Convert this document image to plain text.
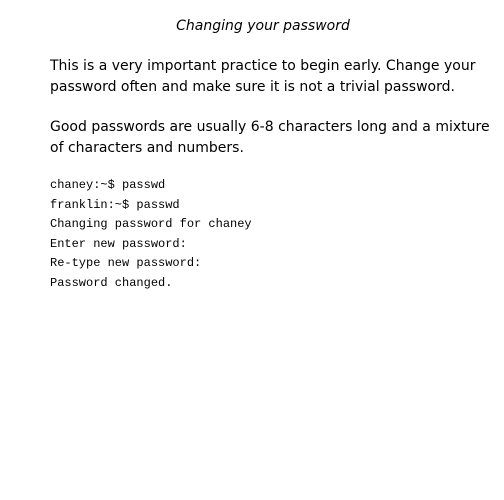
Changing your password

This is a very important practice to begin early. Change your
password often and make sure it is not a trivial password.

Good passwords are usually 6-8 characters long and a mixture
of characters and numbers.

chaney:~$ passwd
franklin:~$ passwd
Changing password for chaney
Enter new password:
Re-type new password:
Password changed.
